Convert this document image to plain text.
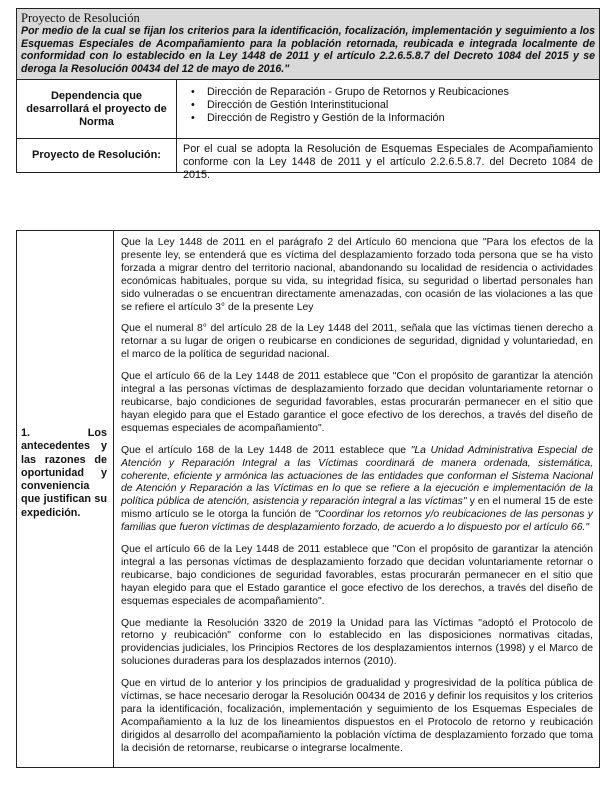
Proyecto de Resolución
Por medio de la cual se fijan los criterios para la identificación, focalización, implementación y seguimiento a los Esquemas Especiales de Acompañamiento para la población retornada, reubicada e integrada localmente de conformidad con lo establecido en la Ley 1448 de 2011 y el artículo 2.2.6.5.8.7 del Decreto 1084 del 2015 y se deroga la Resolución 00434 del 12 de mayo de 2016."
Dependencia que desarrollará el proyecto de Norma
• Dirección de Reparación - Grupo de Retornos y Reubicaciones
• Dirección de Gestión Interinstitucional
• Dirección de Registro y Gestión de la Información
Proyecto de Resolución:	Por el cual se adopta la Resolución de Esquemas Especiales de Acompañamiento conforme con la Ley 1448 de 2011 y el artículo 2.2.6.5.8.7. del Decreto 1084 de 2015.
1.	Los
antecedentes y las razones de oportunidad y conveniencia que justifican su expedición.

Que la Ley 1448 de 2011 en el parágrafo 2 del Artículo 60 menciona que "Para los efectos de la presente ley, se entenderá que es víctima del desplazamiento forzado toda persona que se ha visto forzada a migrar dentro del territorio nacional, abandonando su localidad de residencia o actividades económicas habituales, porque su vida, su integridad física, su seguridad o libertad personales han sido vulneradas o se encuentran directamente amenazadas, con ocasión de las violaciones a las que se refiere el artículo 3° de la presente Ley

Que el numeral 8° del artículo 28 de la Ley 1448 del 2011, señala que las víctimas tienen derecho a retornar a su lugar de origen o reubicarse en condiciones de seguridad, dignidad y voluntariedad, en el marco de la política de seguridad nacional.

Que el artículo 66 de la Ley 1448 de 2011 establece que "Con el propósito de garantizar la atención integral a las personas víctimas de desplazamiento forzado que decidan voluntariamente retornar o reubicarse, bajo condiciones de seguridad favorables, estas procurarán permanecer en el sitio que hayan elegido para que el Estado garantice el goce efectivo de los derechos, a través del diseño de esquemas especiales de acompañamiento".

Que el artículo 168 de la Ley 1448 de 2011 establece que "La Unidad Administrativa Especial de Atención y Reparación Integral a las Víctimas coordinará de manera ordenada, sistemática, coherente, eficiente y armónica las actuaciones de las entidades que conforman el Sistema Nacional de Atención y Reparación a las Víctimas en lo que se refiere a la ejecución e implementación de la política pública de atención, asistencia y reparación integral a las víctimas" y en el numeral 15 de este mismo artículo se le otorga la función de "Coordinar los retornos y/o reubicaciones de las personas y familias que fueron víctimas de desplazamiento forzado, de acuerdo a lo dispuesto por el artículo 66."

Que el artículo 66 de la Ley 1448 de 2011 establece que "Con el propósito de garantizar la atención integral a las personas víctimas de desplazamiento forzado que decidan voluntariamente retornar o reubicarse, bajo condiciones de seguridad favorables, estas procurarán permanecer en el sitio que hayan elegido para que el Estado garantice el goce efectivo de los derechos, a través del diseño de esquemas especiales de acompañamiento".

Que mediante la Resolución 3320 de 2019 la Unidad para las Víctimas "adoptó el Protocolo de retorno y reubicación" conforme con lo establecido en las disposiciones normativas citadas, providencias judiciales, los Principios Rectores de los desplazamientos internos (1998) y el Marco de soluciones duraderas para los desplazados internos (2010).

Que en virtud de lo anterior y los principios de gradualidad y progresividad de la política pública de víctimas, se hace necesario derogar la Resolución 00434 de 2016 y definir los requisitos y los criterios para la identificación, focalización, implementación y seguimiento de los Esquemas Especiales de Acompañamiento a la luz de los lineamientos dispuestos en el Protocolo de retorno y reubicación dirigidos al desarrollo del acompañamiento la población víctima de desplazamiento forzado que toma la decisión de retornarse, reubicarse o integrarse localmente.
